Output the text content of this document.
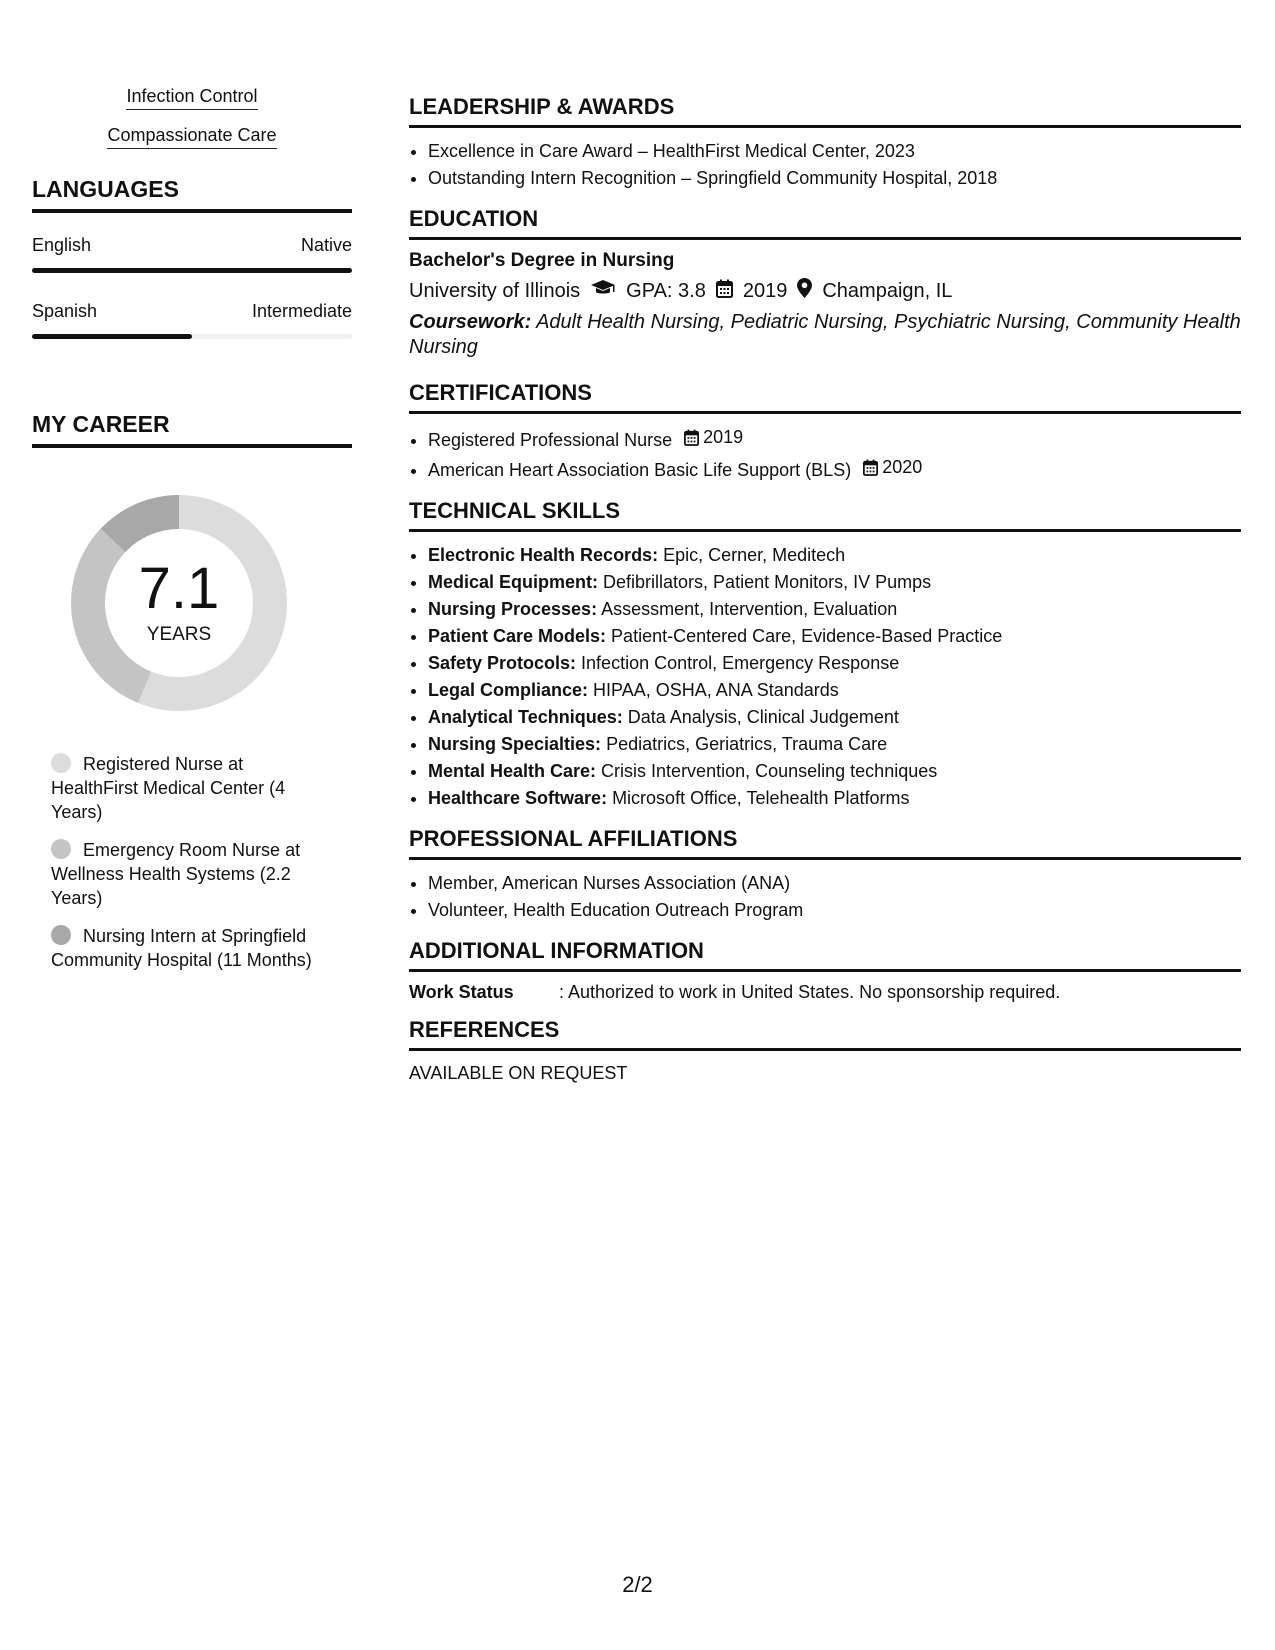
Infection Control
Compassionate Care
LANGUAGES
English	Native
Spanish	Intermediate
MY CAREER
7.1
YEARS
Registered Nurse at HealthFirst Medical Center (4 Years)
Emergency Room Nurse at Wellness Health Systems (2.2 Years)
Nursing Intern at Springfield Community Hospital (11 Months)
LEADERSHIP & AWARDS
• Excellence in Care Award – HealthFirst Medical Center, 2023
• Outstanding Intern Recognition – Springfield Community Hospital, 2018
EDUCATION
Bachelor's Degree in Nursing
University of Illinois GPA: 3.8 2019 Champaign, IL
Coursework: Adult Health Nursing, Pediatric Nursing, Psychiatric Nursing, Community Health Nursing
CERTIFICATIONS
• Registered Professional Nurse 2019
• American Heart Association Basic Life Support (BLS) 2020
TECHNICAL SKILLS
• Electronic Health Records: Epic, Cerner, Meditech
• Medical Equipment: Defibrillators, Patient Monitors, IV Pumps
• Nursing Processes: Assessment, Intervention, Evaluation
• Patient Care Models: Patient-Centered Care, Evidence-Based Practice
• Safety Protocols: Infection Control, Emergency Response
• Legal Compliance: HIPAA, OSHA, ANA Standards
• Analytical Techniques: Data Analysis, Clinical Judgement
• Nursing Specialties: Pediatrics, Geriatrics, Trauma Care
• Mental Health Care: Crisis Intervention, Counseling techniques
• Healthcare Software: Microsoft Office, Telehealth Platforms
PROFESSIONAL AFFILIATIONS
• Member, American Nurses Association (ANA)
• Volunteer, Health Education Outreach Program
ADDITIONAL INFORMATION
Work Status	: Authorized to work in United States. No sponsorship required.
REFERENCES
AVAILABLE ON REQUEST
2/2
